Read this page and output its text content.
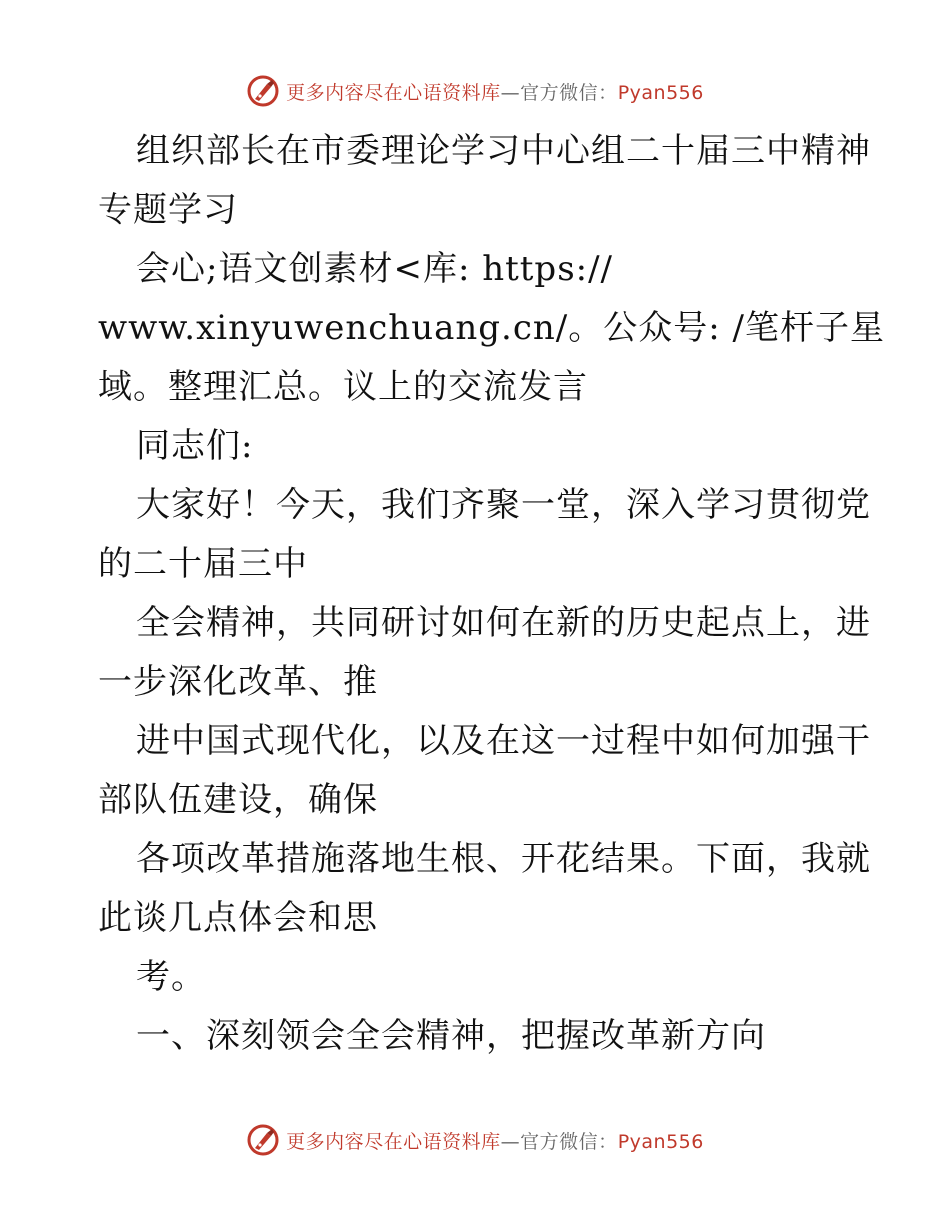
更多内容尽在心语资料库—官方微信：Pyan556
组织部长在市委理论学习中心组二十届三中精神
专题学习
会心;语文创素材<库: https://
www.xinyuwenchuang.cn/。公众号: /笔杆子星
域。整理汇总。议上的交流发言
同志们:
大家好！今天，我们齐聚一堂，深入学习贯彻党
的二十届三中
全会精神，共同研讨如何在新的历史起点上，进
一步深化改革、推
进中国式现代化，以及在这一过程中如何加强干
部队伍建设，确保
各项改革措施落地生根、开花结果。下面，我就
此谈几点体会和思
考。
一、深刻领会全会精神，把握改革新方向
更多内容尽在心语资料库—官方微信：Pyan556
